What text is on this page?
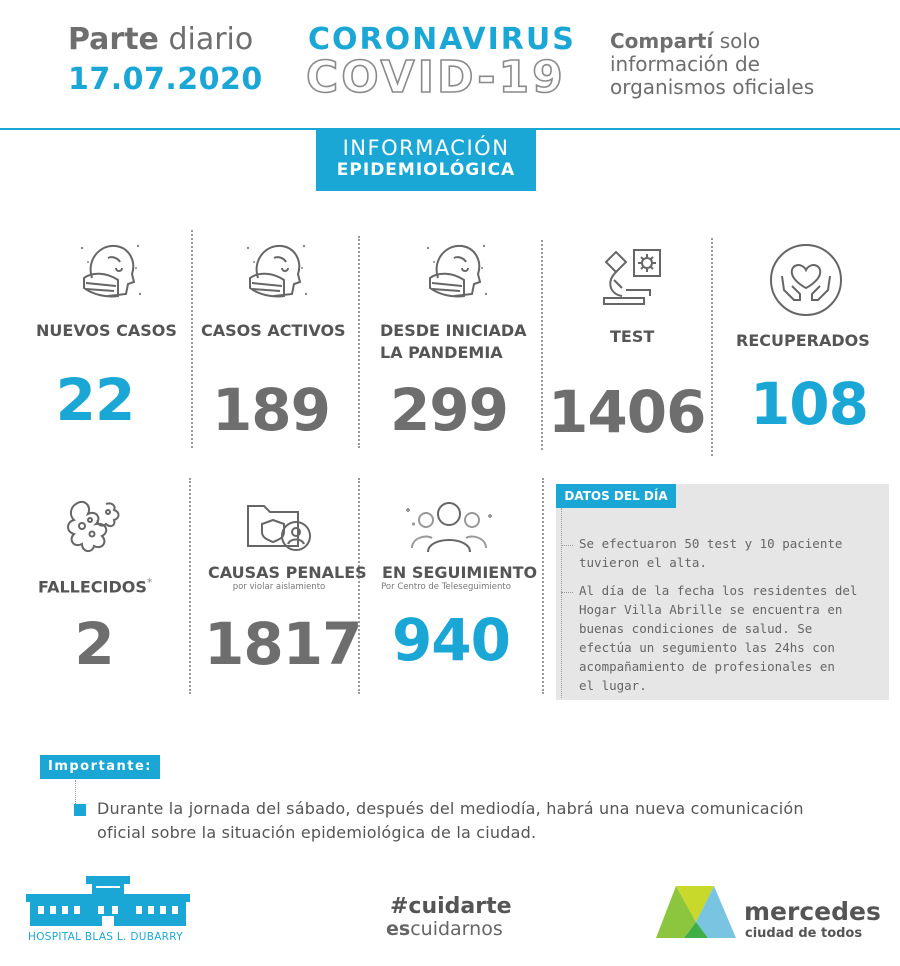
Parte diario
17.07.2020
CORONAVIRUS
COVID-19
Compartí solo
información de
organismos oficiales
INFORMACIÓN
EPIDEMIOLÓGICA
NUEVOS CASOS CASOS ACTIVOS DESDE INICIADA
LA PANDEMIA
TEST	RECUPERADOS
22 189 299 1406 108
FALLECIDOS*
CAUSAS PENALES
por violar aislamiento
EN SEGUIMIENTO
Por Centro de Teleseguimiento
2	1817 940
DATOS DEL DÍA
Se efectuaron 50 test y 10 paciente
tuvieron el alta.
Al día de la fecha los residentes del
Hogar Villa Abrille se encuentra en
buenas condiciones de salud. Se
efectúa un segumiento las 24hs con
acompañamiento de profesionales en
el lugar.
Importante:
Durante la jornada del sábado, después del mediodía, habrá una nueva comunicación
oficial sobre la situación epidemiológica de la ciudad.
HOSPITAL BLAS L. DUBARRY
#cuidarte
escuidarnos
mercedes
ciudad de todos
